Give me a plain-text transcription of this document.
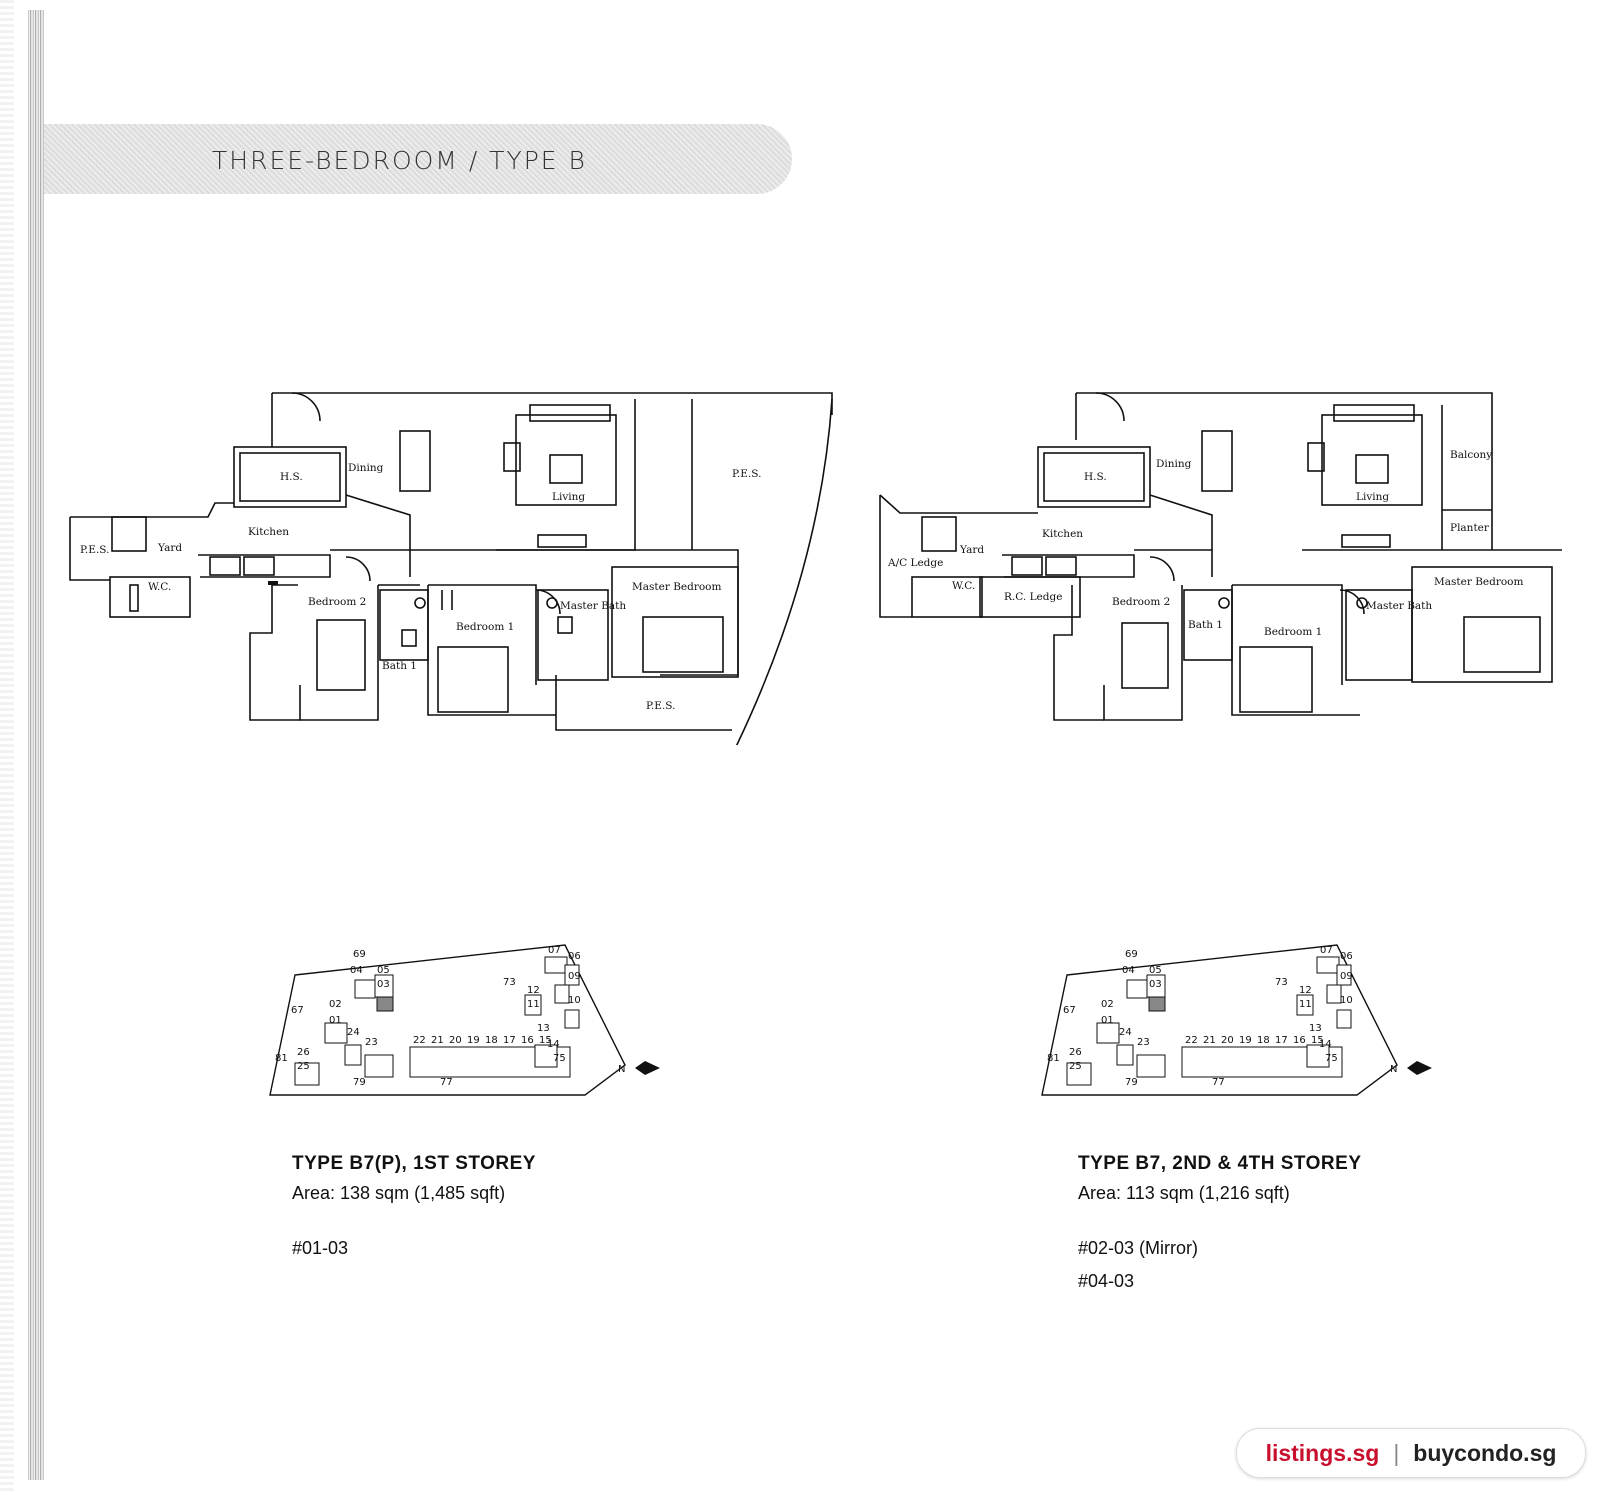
THREE-BEDROOM / TYPE B
H.S.
Dining
Living
P.E.S.
Kitchen
P.E.S.	Yard
W.C.
Bedroom 2
Bedroom 1
Bath 1
Master Bath
Master Bedroom
P.E.S.
H.S.
Dining
Living
Balcony
Planter
Kitchen
Yard
A/C Ledge
W.C.
R.C. Ledge	Bedroom 2
Bath 1
Bedroom 1
Master Bath
Master Bedroom
69
04 05
03
07
06
73
09
12
11	10
67
02
01
24
23	22 21 20 19 18 17 16 15
13
14
81
26
25
79	77
75
N
69
04 05
03
07
06
73
09
12
11	10
67
02
01
24
23	22 21 20 19 18 17 16 15
13
14
81
26
25
79	77
75
N
TYPE B7(P), 1ST STOREY
Area: 138 sqm (1,485 sqft)
#01-03
TYPE B7, 2ND & 4TH STOREY
Area: 113 sqm (1,216 sqft)
#02-03 (Mirror)
#04-03
listings.sg | buycondo.sg
